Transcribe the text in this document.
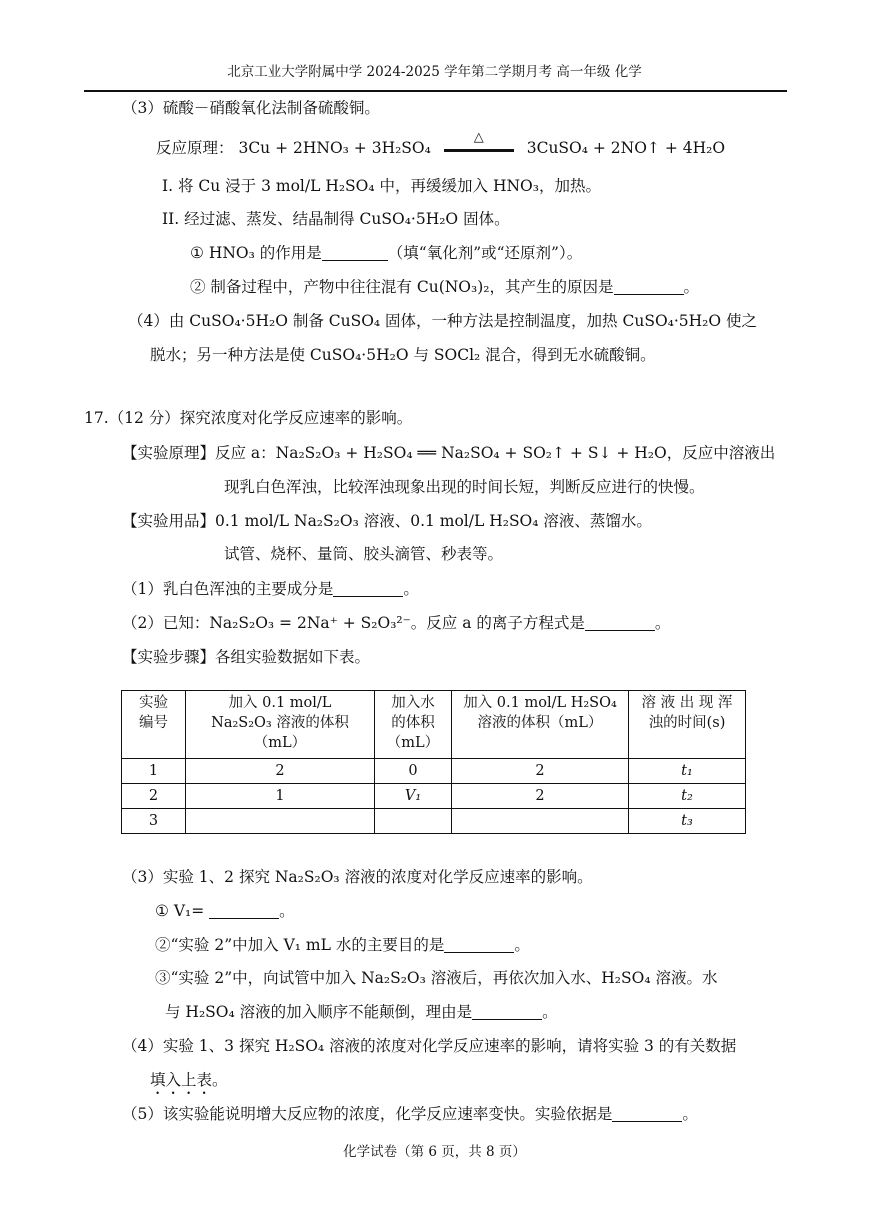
北京工业大学附属中学 2024-2025 学年第二学期月考 高一年级 化学
（3）硫酸－硝酸氧化法制备硫酸铜。
反应原理： 3Cu + 2HNO₃ + 3H₂SO₄
△
3CuSO₄ + 2NO↑ + 4H₂O
I. 将 Cu 浸于 3 mol/L H₂SO₄ 中，再缓缓加入 HNO₃，加热。
II. 经过滤、蒸发、结晶制得 CuSO₄·5H₂O 固体。
① HNO₃ 的作用是	（填“氧化剂”或“还原剂”）。
② 制备过程中，产物中往往混有 Cu(NO₃)₂，其产生的原因是	。
（4）由 CuSO₄·5H₂O 制备 CuSO₄ 固体，一种方法是控制温度，加热 CuSO₄·5H₂O 使之
脱水；另一种方法是使 CuSO₄·5H₂O 与 SOCl₂ 混合，得到无水硫酸铜。
17.（12 分）探究浓度对化学反应速率的影响。
【实验原理】反应 a：Na₂S₂O₃ + H₂SO₄ ══ Na₂SO₄ + SO₂↑ + S↓ + H₂O，反应中溶液出
现乳白色浑浊，比较浑浊现象出现的时间长短，判断反应进行的快慢。
【实验用品】0.1 mol/L Na₂S₂O₃ 溶液、0.1 mol/L H₂SO₄ 溶液、蒸馏水。
试管、烧杯、量筒、胶头滴管、秒表等。
（1）乳白色浑浊的主要成分是	。
（2）已知：Na₂S₂O₃ = 2Na⁺ + S₂O₃²⁻。反应 a 的离子方程式是	。
【实验步骤】各组实验数据如下表。
实验
编号	加入 0.1 mol/L
Na₂S₂O₃ 溶液的体积
（mL）	加入水
的体积
（mL）	加入 0.1 mol/L H₂SO₄
溶液的体积（mL）	溶 液 出 现 浑
浊的时间(s)
1	2	0	2	t₁
2	1	V₁	2	t₂
3				t₃
（3）实验 1、2 探究 Na₂S₂O₃ 溶液的浓度对化学反应速率的影响。
① V₁=	。
②“实验 2”中加入 V₁ mL 水的主要目的是	。
③“实验 2”中，向试管中加入 Na₂S₂O₃ 溶液后，再依次加入水、H₂SO₄ 溶液。水
与 H₂SO₄ 溶液的加入顺序不能颠倒，理由是	。
（4）实验 1、3 探究 H₂SO₄ 溶液的浓度对化学反应速率的影响，请将实验 3 的有关数据
填入上表。
（5）该实验能说明增大反应物的浓度，化学反应速率变快。实验依据是	。
化学试卷（第 6 页，共 8 页）
